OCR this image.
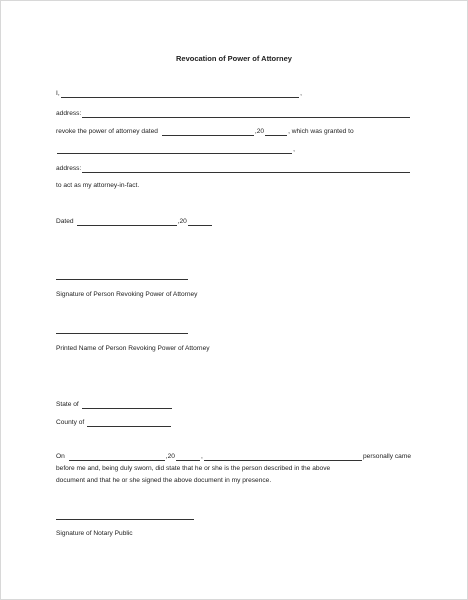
Revocation of Power of Attorney
I,	,
address:
revoke the power of attorney dated	,20	, which was granted to
,
address:
to act as my attorney-in-fact.
Dated	,20
Signature of Person Revoking Power of Attorney
Printed Name of Person Revoking Power of Attorney
State of
County of
On	,20	,	personally came
before me and, being duly sworn, did state that he or she is the person described in the above
document and that he or she signed the above document in my presence.
Signature of Notary Public
